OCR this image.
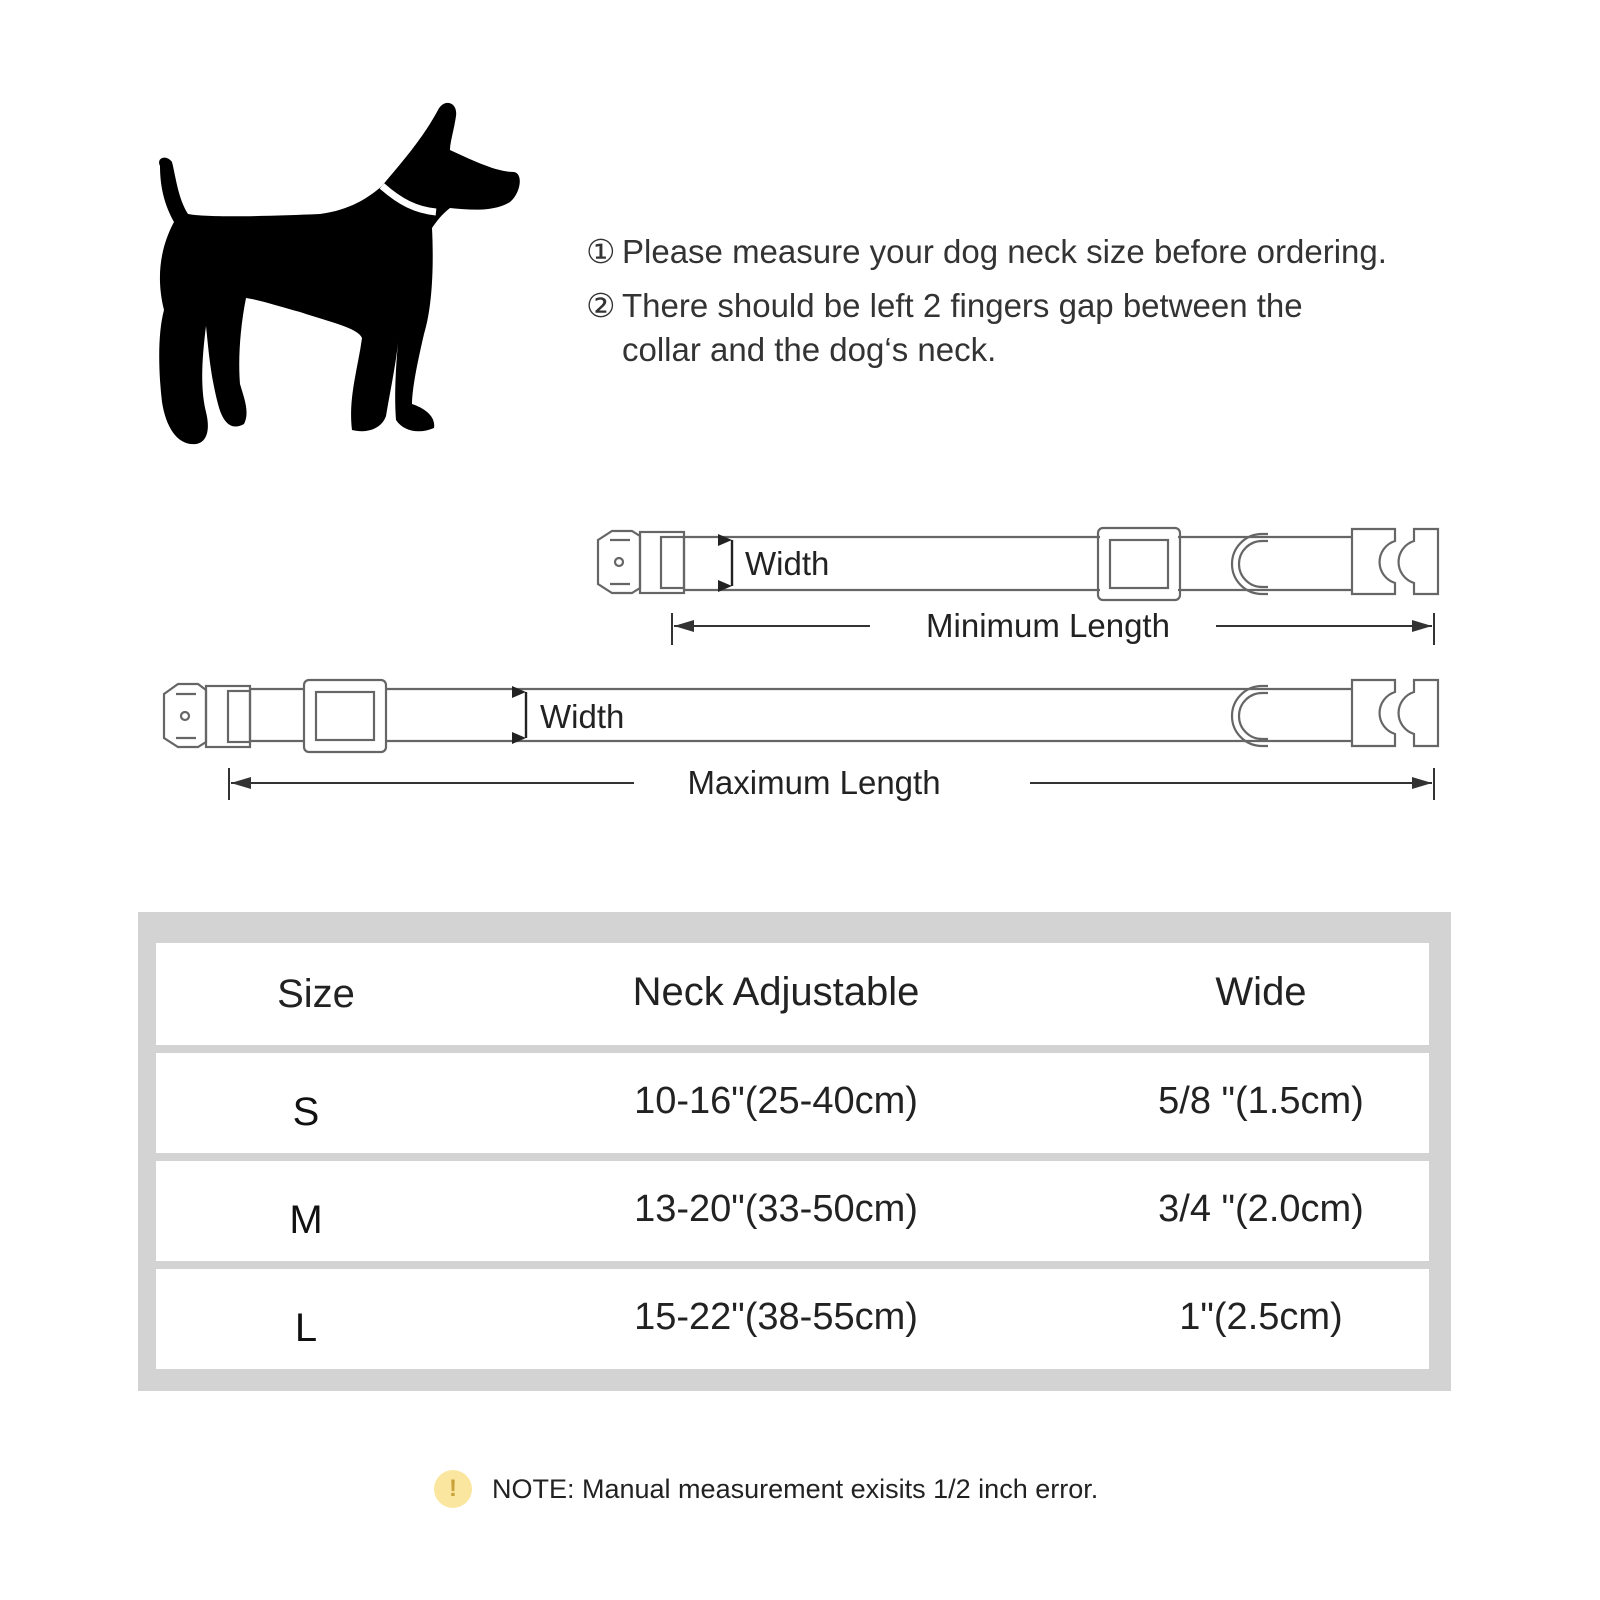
① Please measure your dog neck size before ordering.
② There should be left 2 fingers gap between the
collar and the dog‘s neck.
Width
Minimum Length
Width
Maximum Length
Size	Neck Adjustable	Wide
S	10-16"(25-40cm)	5/8 "(1.5cm)
M	13-20"(33-50cm)	3/4 "(2.0cm)
L	15-22"(38-55cm)	1"(2.5cm)
!	NOTE: Manual measurement exisits 1/2 inch error.
